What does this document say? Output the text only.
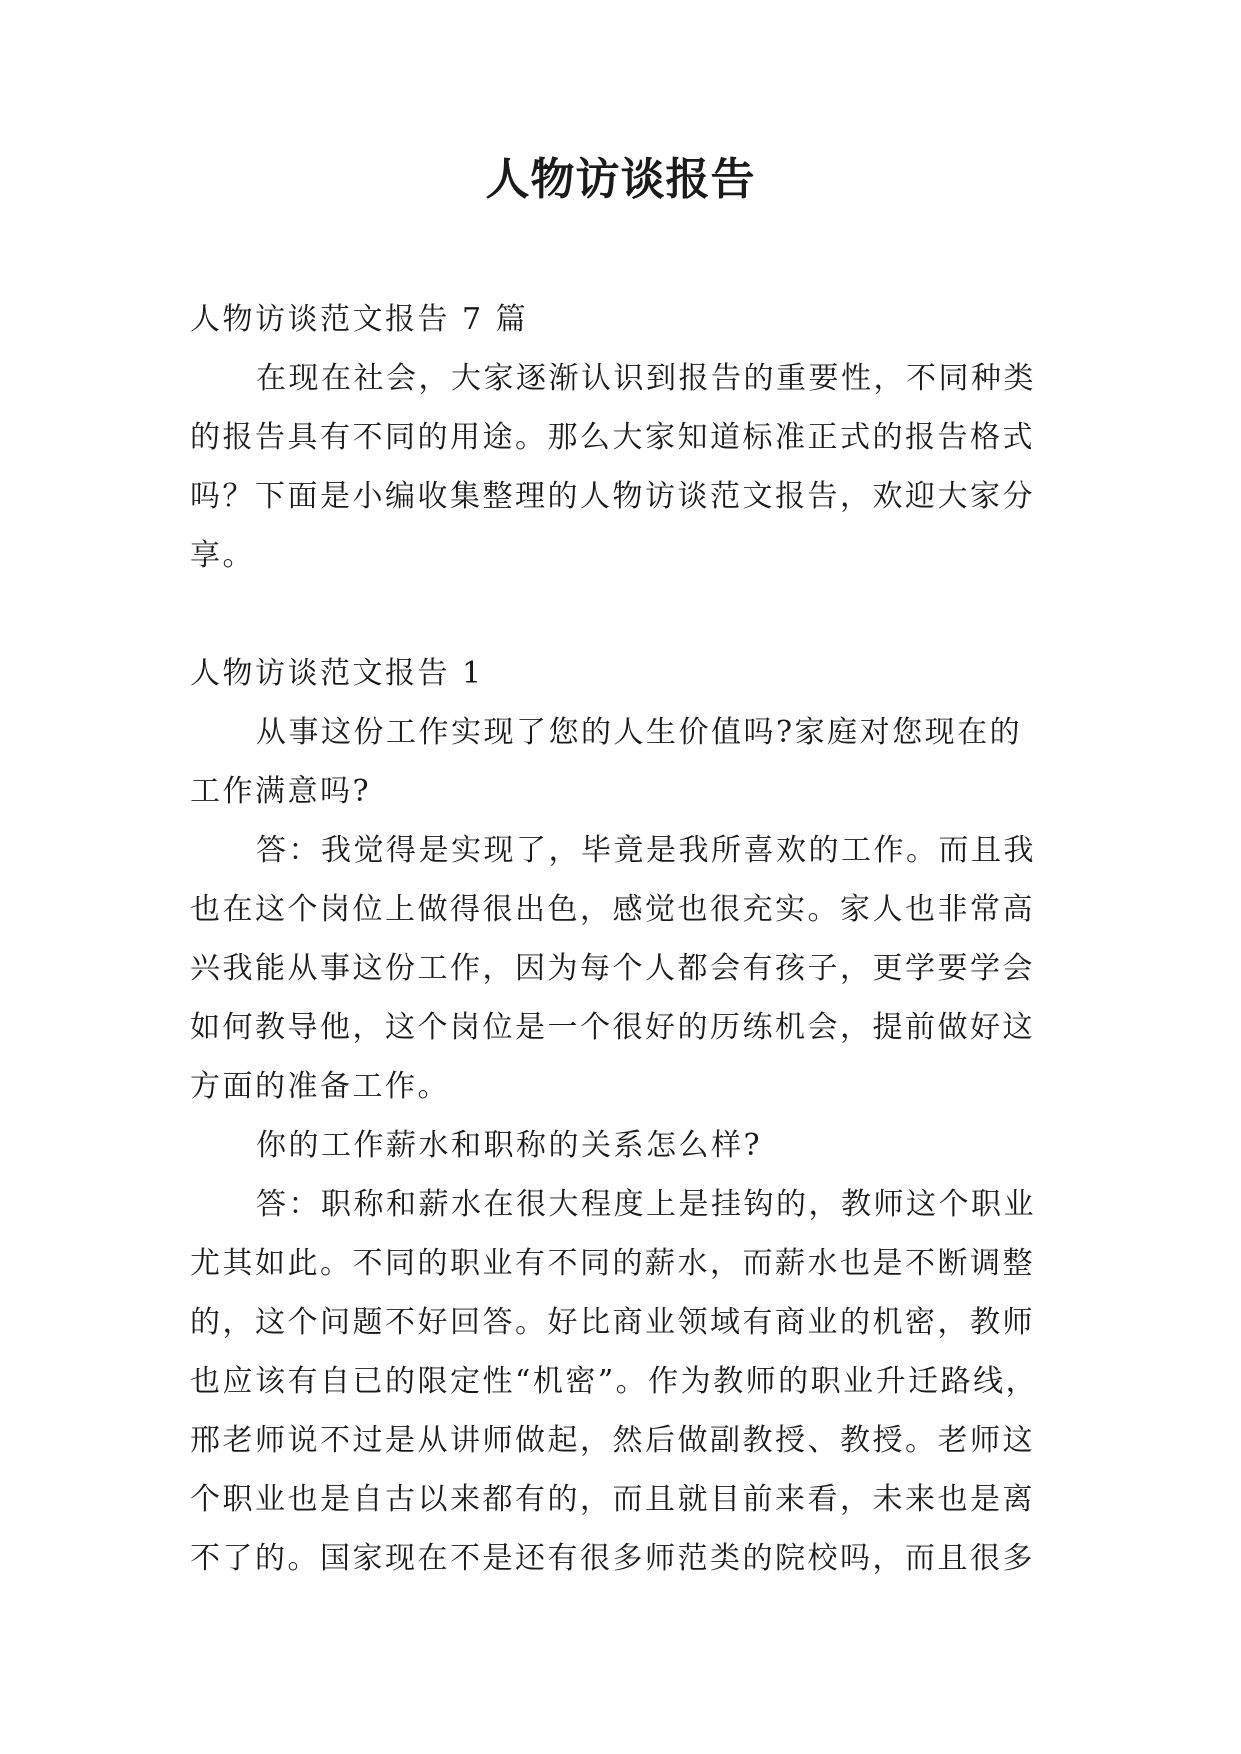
人物访谈报告

人物访谈范文报告 7 篇

在现在社会，大家逐渐认识到报告的重要性，不同种类的报告具有不同的用途。那么大家知道标准正式的报告格式吗？下面是小编收集整理的人物访谈范文报告，欢迎大家分享。

人物访谈范文报告 1

从事这份工作实现了您的人生价值吗?家庭对您现在的工作满意吗?

答：我觉得是实现了，毕竟是我所喜欢的工作。而且我也在这个岗位上做得很出色，感觉也很充实。家人也非常高兴我能从事这份工作，因为每个人都会有孩子，更学要学会如何教导他，这个岗位是一个很好的历练机会，提前做好这方面的准备工作。

你的工作薪水和职称的关系怎么样?

答：职称和薪水在很大程度上是挂钩的，教师这个职业尤其如此。不同的职业有不同的薪水，而薪水也是不断调整的，这个问题不好回答。好比商业领域有商业的机密，教师也应该有自已的限定性“机密”。作为教师的职业升迁路线，邢老师说不过是从讲师做起，然后做副教授、教授。老师这个职业也是自古以来都有的，而且就目前来看，未来也是离不了的。国家现在不是还有很多师范类的院校吗，而且很多
